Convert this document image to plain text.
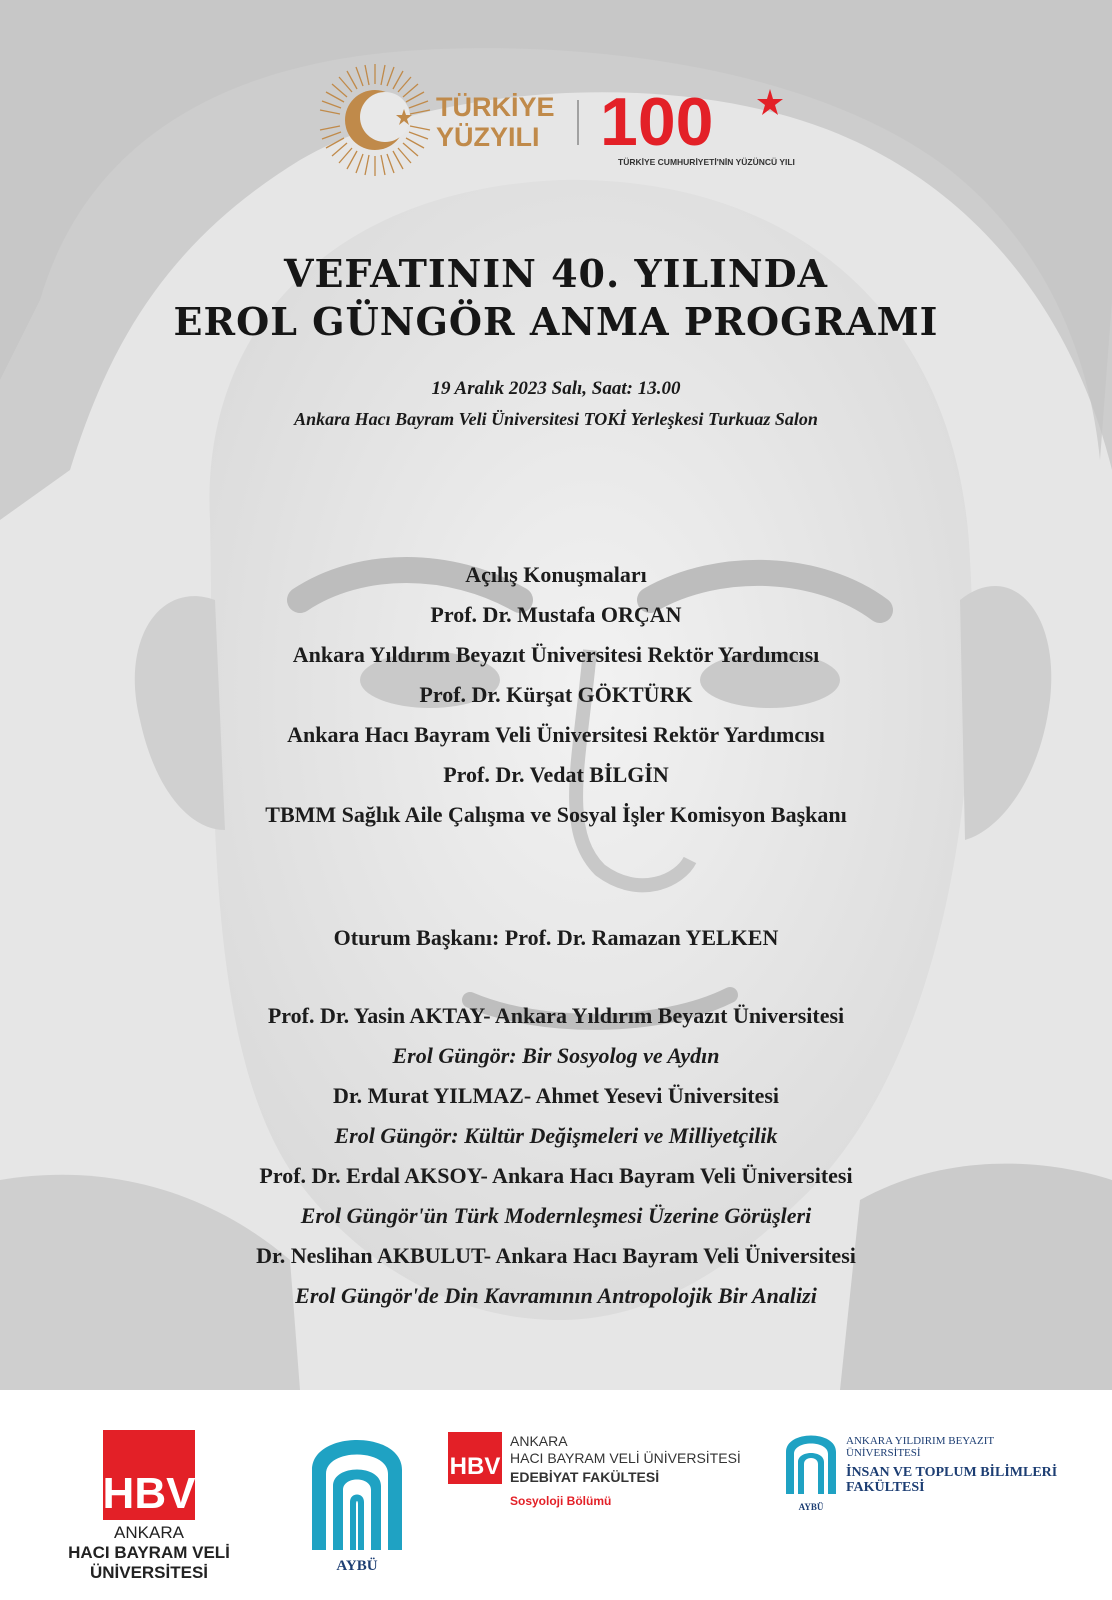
TÜRKİYE
YÜZYILI 100
TÜRKİYE CUMHURİYETİ'NİN YÜZÜNCÜ YILI
VEFATININ 40. YILINDA
EROL GÜNGÖR ANMA PROGRAMI
19 Aralık 2023 Salı, Saat: 13.00
Ankara Hacı Bayram Veli Üniversitesi TOKİ Yerleşkesi Turkuaz Salon
Açılış Konuşmaları
Prof. Dr. Mustafa ORÇAN
Ankara Yıldırım Beyazıt Üniversitesi Rektör Yardımcısı
Prof. Dr. Kürşat GÖKTÜRK
Ankara Hacı Bayram Veli Üniversitesi Rektör Yardımcısı
Prof. Dr. Vedat BİLGİN
TBMM Sağlık Aile Çalışma ve Sosyal İşler Komisyon Başkanı
Oturum Başkanı: Prof. Dr. Ramazan YELKEN
Prof. Dr. Yasin AKTAY- Ankara Yıldırım Beyazıt Üniversitesi
Erol Güngör: Bir Sosyolog ve Aydın
Dr. Murat YILMAZ- Ahmet Yesevi Üniversitesi
Erol Güngör: Kültür Değişmeleri ve Milliyetçilik
Prof. Dr. Erdal AKSOY- Ankara Hacı Bayram Veli Üniversitesi
Erol Güngör'ün Türk Modernleşmesi Üzerine Görüşleri
Dr. Neslihan AKBULUT- Ankara Hacı Bayram Veli Üniversitesi
Erol Güngör'de Din Kavramının Antropolojik Bir Analizi
HBV
ANKARA
HACI BAYRAM VELİ
ÜNİVERSİTESİ	AYBÜ
HBV
ANKARA
HACI BAYRAM VELİ ÜNİVERSİTESİ
EDEBİYAT FAKÜLTESİ
Sosyoloji Bölümü	AYBÜ
ANKARA YILDIRIM BEYAZIT
ÜNİVERSİTESİ
İNSAN VE TOPLUM BİLİMLERİ
FAKÜLTESİ
